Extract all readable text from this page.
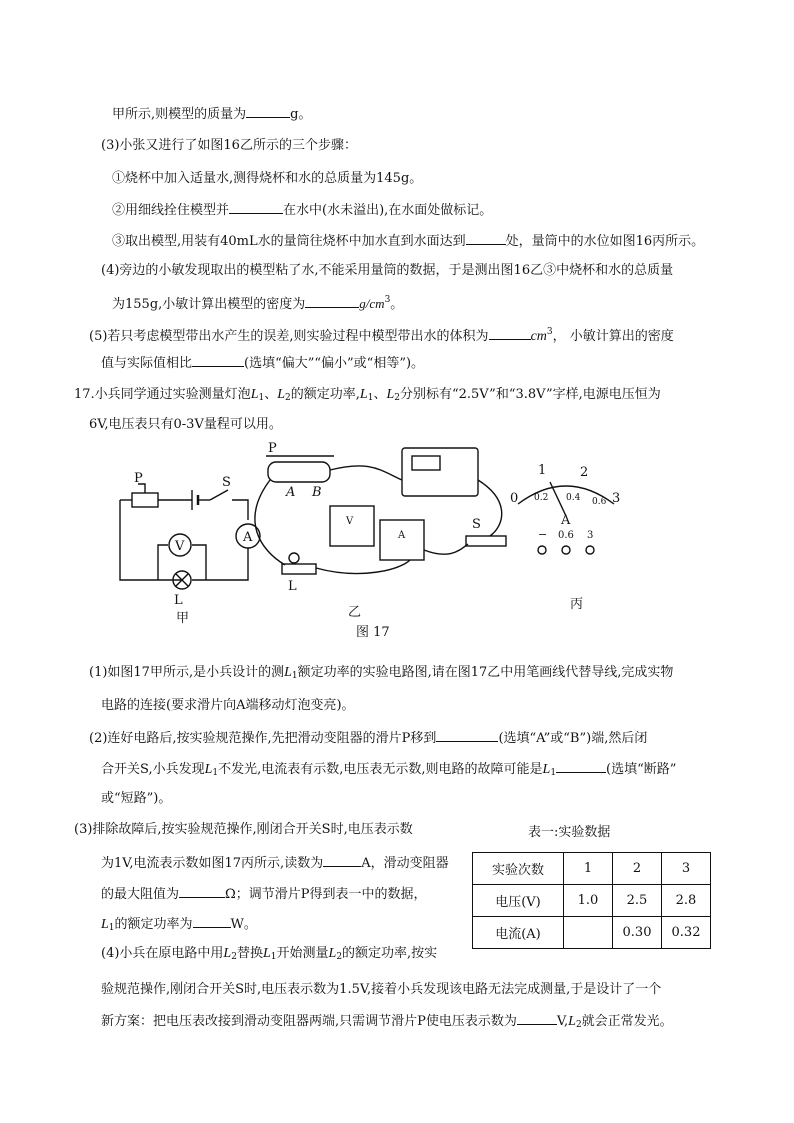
甲所示,则模型的质量为	g。
(3)小张又进行了如图16乙所示的三个步骤：
①烧杯中加入适量水,测得烧杯和水的总质量为145g。
②用细线拴住模型并	在水中(水未溢出),在水面处做标记。
③取出模型,用装有40mL水的量筒往烧杯中加水直到水面达到	处，量筒中的水位如图16丙所示。
(4)旁边的小敏发现取出的模型粘了水,不能采用量筒的数据，于是测出图16乙③中烧杯和水的总质量
为155g,小敏计算出模型的密度为	$g/cm^3$。
(5)若只考虑模型带出水产生的误差,则实验过程中模型带出水的体积为	$cm^3$， 小敏计算出的密度
值与实际值相比	(选填“偏大”“偏小”或“相等”)。
17.小兵同学通过实验测量灯泡$L_1$、$L_2$的额定功率$,L_1$、$L_2$分别标有“2.5V”和“3.8V”字样,电源电压恒为
6V,电压表只有0-3V量程可以用。
P	S
A
V
L
甲
P
A B
V
A
L
S
乙
0
1	2
3
0.2 0.4 0.6
A
− 0.6 3
丙
图 17
(1)如图17甲所示,是小兵设计的测$L_1$额定功率的实验电路图,请在图17乙中用笔画线代替导线,完成实物
电路的连接(要求滑片向A端移动灯泡变亮)。
(2)连好电路后,按实验规范操作,先把滑动变阻器的滑片P移到	(选填“A”或“B”)端,然后闭
合开关S,小兵发现$L_1$不发光,电流表有示数,电压表无示数,则电路的故障可能是$L_1$	(选填“断路”
或“短路”)。
(3)排除故障后,按实验规范操作,刚闭合开关S时,电压表示数
为1V,电流表示数如图17丙所示,读数为	A，滑动变阻器
的最大阻值为	Ω；调节滑片P得到表一中的数据，
$L_1$的额定功率为	W。
(4)小兵在原电路中用$L_2$替换$L_1$开始测量$L_2$的额定功率,按实
验规范操作,刚闭合开关S时,电压表示数为1.5V,接着小兵发现该电路无法完成测量,于是设计了一个
新方案：把电压表改接到滑动变阻器两端,只需调节滑片P使电压表示数为	$V,L_2$就会正常发光。
表一:实验数据
实验次数	1	2	3
电压(V)	1.0	2.5	2.8
电流(A)		0.30	0.32
